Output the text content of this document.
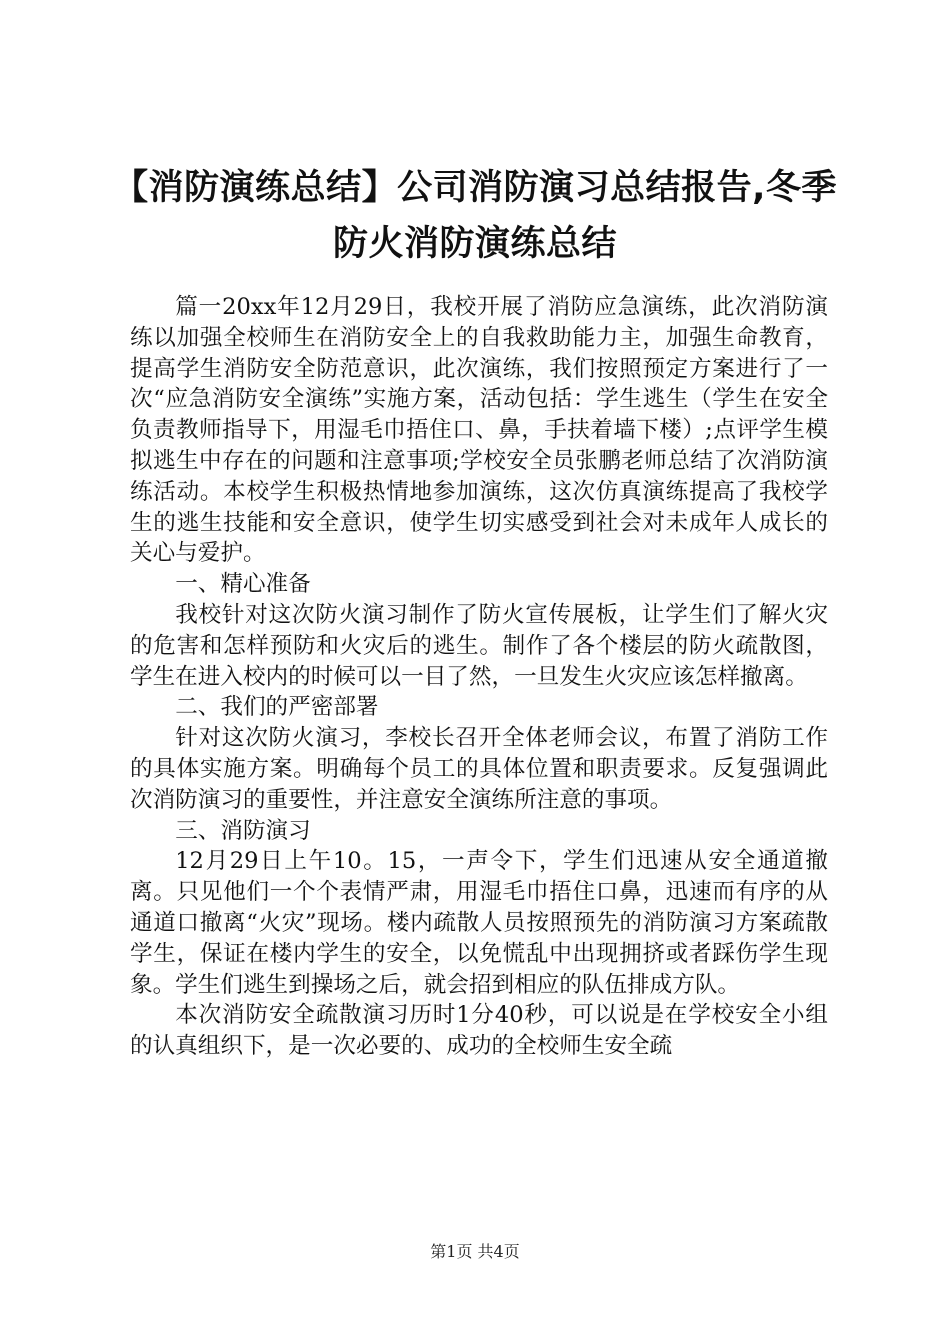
【消防演练总结】公司消防演习总结报告,冬季防火消防演练总结

篇一20xx年12月29日，我校开展了消防应急演练，此次消防演练以加强全校师生在消防安全上的自我救助能力主，加强生命教育，提高学生消防安全防范意识，此次演练，我们按照预定方案进行了一次“应急消防安全演练”实施方案，活动包括：学生逃生（学生在安全负责教师指导下，用湿毛巾捂住口、鼻，手扶着墙下楼）;点评学生模拟逃生中存在的问题和注意事项;学校安全员张鹏老师总结了次消防演练活动。本校学生积极热情地参加演练，这次仿真演练提高了我校学生的逃生技能和安全意识，使学生切实感受到社会对未成年人成长的关心与爱护。

一、精心准备

我校针对这次防火演习制作了防火宣传展板，让学生们了解火灾的危害和怎样预防和火灾后的逃生。制作了各个楼层的防火疏散图，学生在进入校内的时候可以一目了然，一旦发生火灾应该怎样撤离。

二、我们的严密部署

针对这次防火演习，李校长召开全体老师会议，布置了消防工作的具体实施方案。明确每个员工的具体位置和职责要求。反复强调此次消防演习的重要性，并注意安全演练所注意的事项。

三、消防演习

12月29日上午10。15，一声令下，学生们迅速从安全通道撤离。只见他们一个个表情严肃，用湿毛巾捂住口鼻，迅速而有序的从通道口撤离“火灾”现场。楼内疏散人员按照预先的消防演习方案疏散学生，保证在楼内学生的安全，以免慌乱中出现拥挤或者踩伤学生现象。学生们逃生到操场之后，就会招到相应的队伍排成方队。

本次消防安全疏散演习历时1分40秒，可以说是在学校安全小组的认真组织下，是一次必要的、成功的全校师生安全疏

第1页 共4页
